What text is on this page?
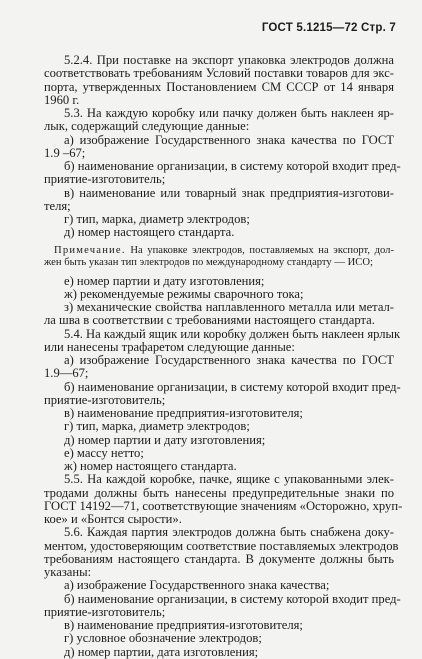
ГОСТ 5.1215—72 Стр. 7
5.2.4. При поставке на экспорт упаковка электродов должна
соответствовать требованиям Условий поставки товаров для экс-
порта, утвержденных Постановлением СМ СССР от 14 января
1960 г.
5.3. На каждую коробку или пачку должен быть наклеен яр-
лык, содержащий следующие данные:
а) изображение Государственного знака качества по ГОСТ
1.9 –67;
б) наименование организации, в систему которой входит пред-
приятие-изготовитель;
в) наименование или товарный знак предприятия-изготови-
теля;
г) тип, марка, диаметр электродов;
д) номер настоящего стандарта.
Примечание. На упаковке электродов, поставляемых на экспорт, дол-
жен быть указан тип электродов по международному стандарту — ИСО;
е) номер партии и дату изготовления;
ж) рекомендуемые режимы сварочного тока;
з) механические свойства наплавленного металла или метал-
ла шва в соответствии с требованиями настоящего стандарта.
5.4. На каждый ящик или коробку должен быть наклеен ярлык
или нанесены трафаретом следующие данные:
а) изображение Государственного знака качества по ГОСТ
1.9—67;
б) наименование организации, в систему которой входит пред-
приятие-изготовитель;
в) наименование предприятия-изготовителя;
г) тип, марка, диаметр электродов;
д) номер партии и дату изготовления;
е) массу нетто;
ж) номер настоящего стандарта.
5.5. На каждой коробке, пачке, ящике с упакованными элек-
тродами должны быть нанесены предупредительные знаки по
ГОСТ 14192—71, соответствующие значениям «Осторожно, хруп-
кое» и «Бонтся сырости».
5.6. Каждая партия электродов должна быть снабжена доку-
ментом, удостоверяющим соответствие поставляемых электродов
требованиям настоящего стандарта. В документе должны быть
указаны:
а) изображение Государственного знака качества;
б) наименование организации, в систему которой входит пред-
приятие-изготовитель;
в) наименование предприятия-изготовителя;
г) условное обозначение электродов;
д) номер партии, дата изготовления;
